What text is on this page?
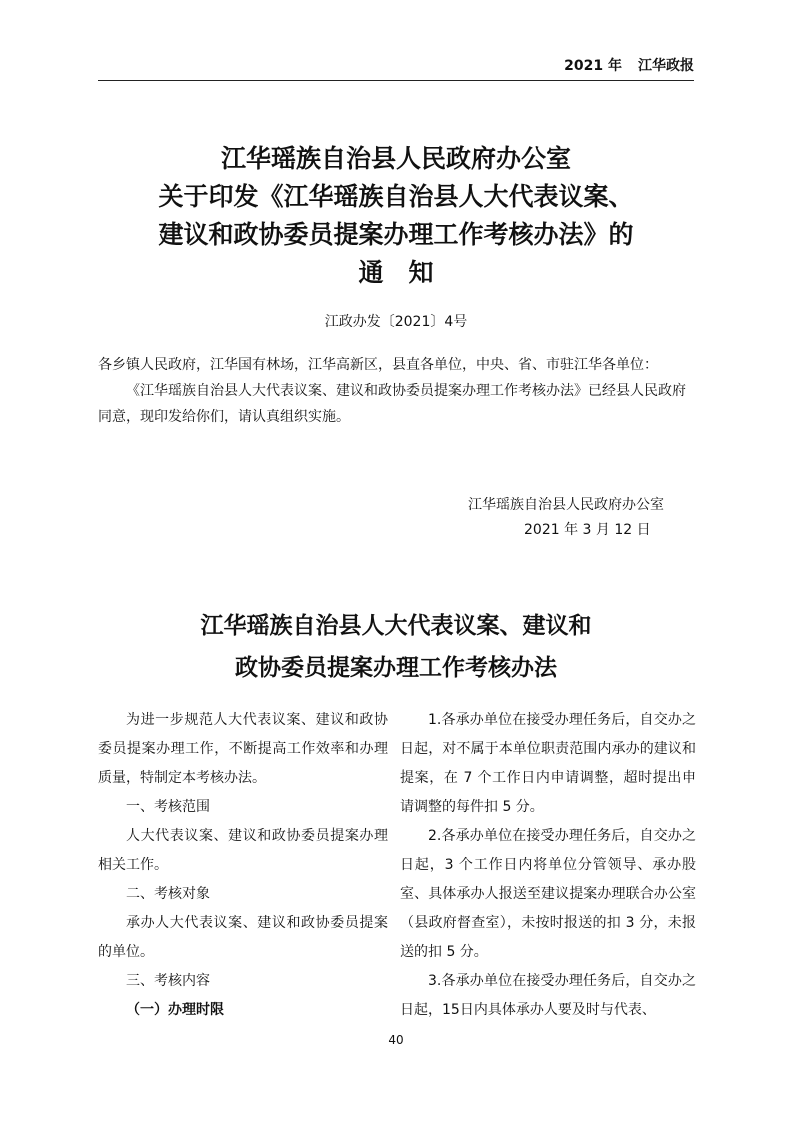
2021 年 江华政报
江华瑶族自治县人民政府办公室
关于印发《江华瑶族自治县人大代表议案、
建议和政协委员提案办理工作考核办法》的
通　知
江政办发〔2021〕4号
各乡镇人民政府，江华国有林场，江华高新区，县直各单位，中央、省、市驻江华各单位：
《江华瑶族自治县人大代表议案、建议和政协委员提案办理工作考核办法》已经县人民政府同意，现印发给你们，请认真组织实施。
江华瑶族自治县人民政府办公室
2021 年 3 月 12 日
江华瑶族自治县人大代表议案、建议和
政协委员提案办理工作考核办法

为进一步规范人大代表议案、建议和政协委员提案办理工作，不断提高工作效率和办理质量，特制定本考核办法。

一、考核范围

人大代表议案、建议和政协委员提案办理相关工作。

二、考核对象

承办人大代表议案、建议和政协委员提案的单位。

三、考核内容

（一）办理时限

1.各承办单位在接受办理任务后，自交办之日起，对不属于本单位职责范围内承办的建议和提案，在 7 个工作日内申请调整，超时提出申请调整的每件扣 5 分。

2.各承办单位在接受办理任务后，自交办之日起，3 个工作日内将单位分管领导、承办股室、具体承办人报送至建议提案办理联合办公室（县政府督查室），未按时报送的扣 3 分，未报送的扣 5 分。

3.各承办单位在接受办理任务后，自交办之日起，15日内具体承办人要及时与代表、

40
